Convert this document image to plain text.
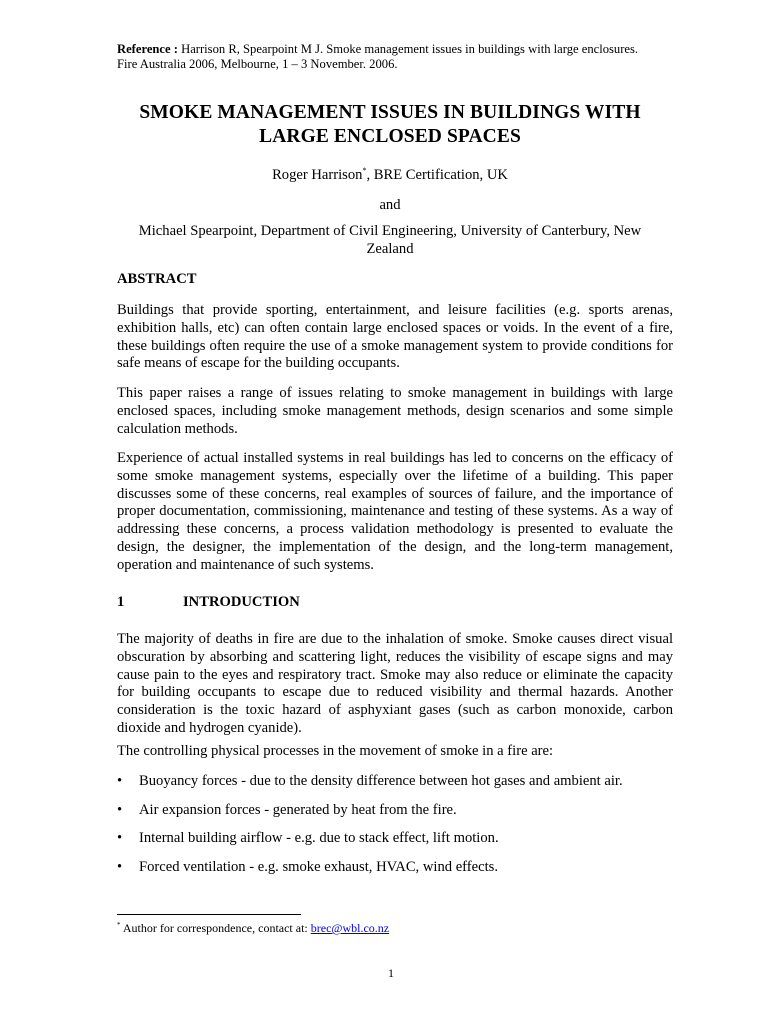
Reference : Harrison R, Spearpoint M J. Smoke management issues in buildings with large enclosures.
Fire Australia 2006, Melbourne, 1 – 3 November. 2006.
SMOKE MANAGEMENT ISSUES IN BUILDINGS WITH
LARGE ENCLOSED SPACES
Roger Harrison*, BRE Certification, UK
and
Michael Spearpoint, Department of Civil Engineering, University of Canterbury, New Zealand
ABSTRACT
Buildings that provide sporting, entertainment, and leisure facilities (e.g. sports arenas, exhibition halls, etc) can often contain large enclosed spaces or voids. In the event of a fire, these buildings often require the use of a smoke management system to provide conditions for safe means of escape for the building occupants.
This paper raises a range of issues relating to smoke management in buildings with large enclosed spaces, including smoke management methods, design scenarios and some simple calculation methods.
Experience of actual installed systems in real buildings has led to concerns on the efficacy of some smoke management systems, especially over the lifetime of a building. This paper discusses some of these concerns, real examples of sources of failure, and the importance of proper documentation, commissioning, maintenance and testing of these systems. As a way of addressing these concerns, a process validation methodology is presented to evaluate the design, the designer, the implementation of the design, and the long-term management, operation and maintenance of such systems.
1	INTRODUCTION
The majority of deaths in fire are due to the inhalation of smoke. Smoke causes direct visual obscuration by absorbing and scattering light, reduces the visibility of escape signs and may cause pain to the eyes and respiratory tract. Smoke may also reduce or eliminate the capacity for building occupants to escape due to reduced visibility and thermal hazards. Another consideration is the toxic hazard of asphyxiant gases (such as carbon monoxide, carbon dioxide and hydrogen cyanide).
The controlling physical processes in the movement of smoke in a fire are:
• Buoyancy forces - due to the density difference between hot gases and ambient air.
• Air expansion forces - generated by heat from the fire.
• Internal building airflow - e.g. due to stack effect, lift motion.
• Forced ventilation - e.g. smoke exhaust, HVAC, wind effects.
* Author for correspondence, contact at: brec@wbl.co.nz
1
